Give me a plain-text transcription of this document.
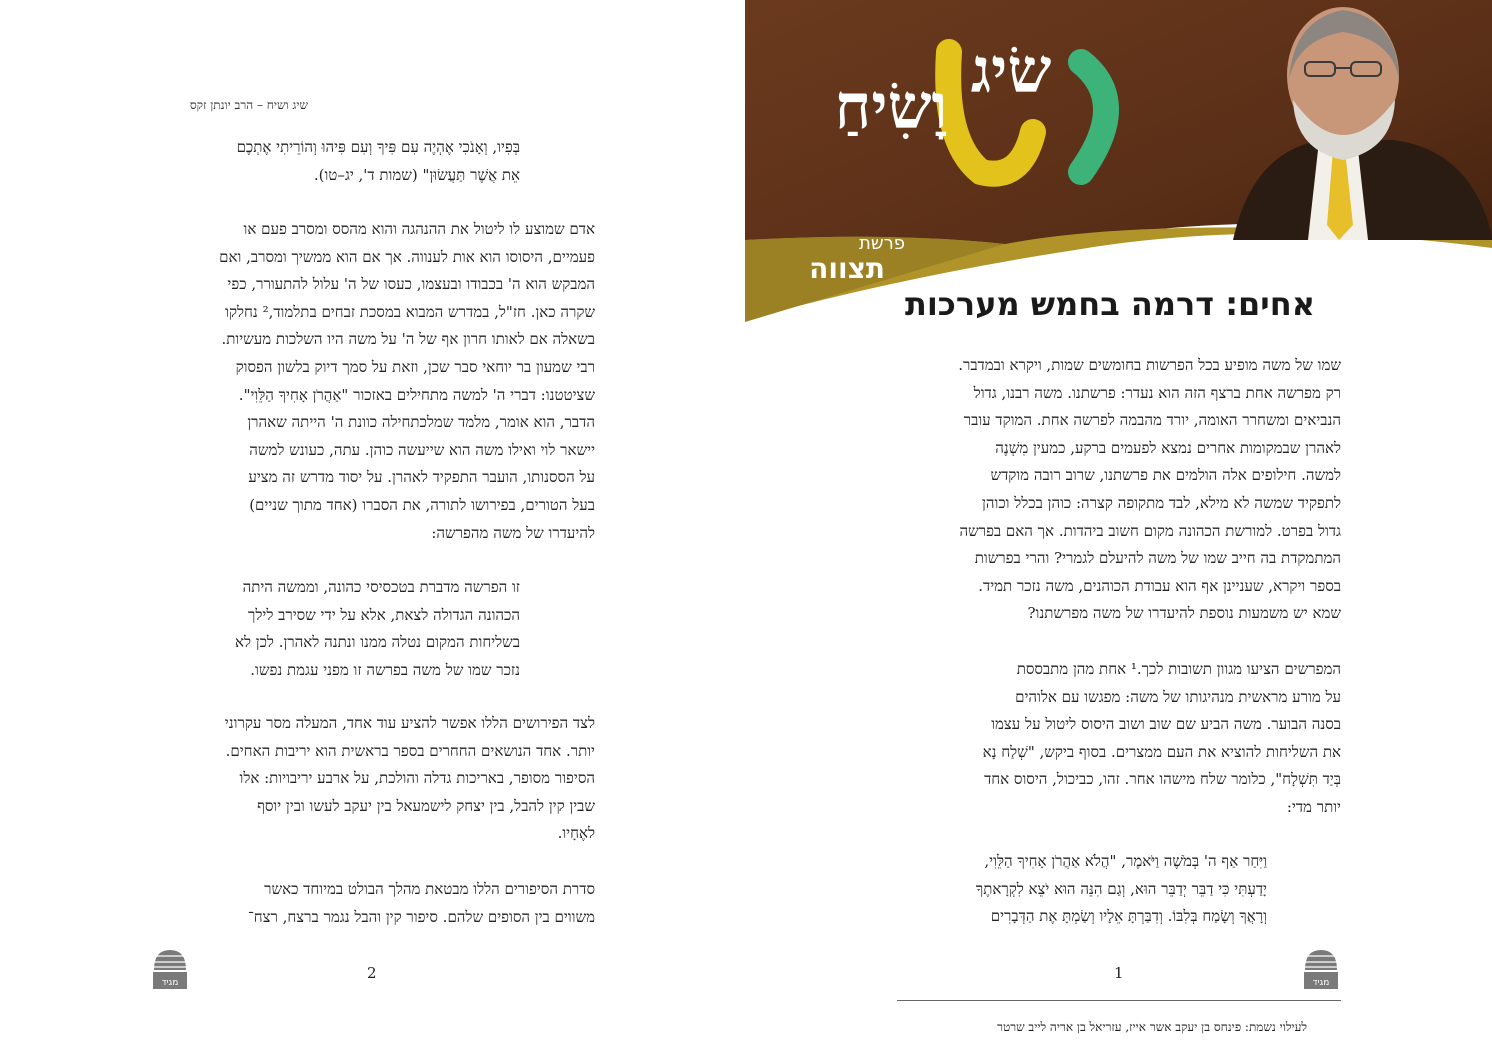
שיג ושיח – הרב יונתן זקס

בְּפִיו, וְאָנֹכִי אֶהְיֶה עִם פִּיךָ וְעִם פִּיהוּ וְהוֹרֵיתִי אֶתְכֶם

אֵת אֲשֶׁר תַּעֲשׂוּן" (שמות ד', יג–טו).

אדם שמוצע לו ליטול את ההנהגה והוא מהסס ומסרב פעם או

פעמיים, היסוסו הוא אות לענווה. אך אם הוא ממשיך ומסרב, ואם

המבקש הוא ה' בכבודו ובעצמו, כעסו של ה' עלול להתעורר, כפי

שקרה כאן. חז"ל, במדרש המבוא במסכת זבחים בתלמוד,² נחלקו

בשאלה אם לאותו חרון אף של ה' על משה היו השלכות מעשיות.

רבי שמעון בר יוחאי סבר שכן, וזאת על סמך דיוק בלשון הפסוק

שציטטנו: דברי ה' למשה מתחילים באזכור "אַהֲרֹן אָחִיךָ הַלֵּוִי".

הדבר, הוא אומר, מלמד שמלכתחילה כוונת ה' הייתה שאהרן

יישאר לוי ואילו משה הוא שייעשה כוהן. עתה, כעונש למשה

על הססנותו, הועבר התפקיד לאהרן. על יסוד מדרש זה מציע

בעל הטורים, בפירושו לתורה, את הסברו (אחד מתוך שניים)

להיעדרו של משה מהפרשה:

זו הפרשה מדברת בטכסיסי כהונה, וממשה היתה

הכהונה הגדולה לצאת, אלא על ידי שסירב לילך

בשליחות המקום נטלה ממנו ונתנה לאהרן. לכן לא

נזכר שמו של משה בפרשה זו מפני עגמת נפשו.

לצד הפירושים הללו אפשר להציע עוד אחד, המעלה מסר עקרוני

יותר. אחד הנושאים החחרים בספר בראשית הוא יריבות האחים.

הסיפור מסופר, באריכות גדלה והולכת, על ארבע יריבויות: אלו

שבין קין להבל, בין יצחק לישמעאל בין יעקב לעשו ובין יוסף

לאֶחָיו.

סדרת הסיפורים הללו מבטאת מהלך הבולט במיוחד כאשר

משווים בין הסופים שלהם. סיפור קין והבל נגמר ברצח, רצח־

מגיד
2
שׂיג
וָשִׂיחַ
פרשת
תצווה
אחים: דרמה בחמש מערכות

שמו של משה מופיע בכל הפרשות בחומשים שמות, ויקרא ובמדבר.

רק מפרשה אחת ברצף הזה הוא נעדר: פרשתנו. משה רבנו, גדול

הנביאים ומשחרר האומה, יורד מהבמה לפרשה אחת. המוקד עובר

לאהרן שבמקומות אחרים נמצא לפעמים ברקע, כמעין מִשְׁנֶה

למשה. חילופים אלה הולמים את פרשתנו, שרוב רובה מוקדש

לתפקיד שמשה לא מילא, לבד מתקופה קצרה: כוהן בכלל וכוהן

גדול בפרט. למורשת הכהונה מקום חשוב ביהדות. אך האם בפרשה

המתמקדת בה חייב שמו של משה להיעלם לגמרי? והרי בפרשות

בספר ויקרא, שעניינן אף הוא עבודת הכוהנים, משה נזכר תמיד.

שמא יש משמעות נוספת להיעדרו של משה מפרשתנו?

המפרשים הציעו מגוון תשובות לכך.¹ אחת מהן מתבססת

על מורע מראשית מנהיגותו של משה: מפגשו עם אלוהים

בסנה הבוער. משה הביע שם שוב ושוב היסוס ליטול על עצמו

את השליחות להוציא את העם ממצרים. בסוף ביקש, "שְׁלַח נָא

בְּיַד תִּשְׁלָח", כלומר שלח מישהו אחר. זהו, כביכול, היסוס אחד

יותר מדי:

וַיִּחַר אַף ה' בְּמֹשֶׁה וַיֹּאמֶר, "הֲלֹא אַהֲרֹן אָחִיךָ הַלֵּוִי,

יָדַעְתִּי כִּי דַבֵּר יְדַבֵּר הוּא, וְגַם הִנֵּה הוּא יֹצֵא לִקְרָאתֶךָ

וְרָאֲךָ וְשָׂמַח בְּלִבּוֹ. וְדִבַּרְתָּ אֵלָיו וְשַׂמְתָּ אֶת הַדְּבָרִים

1
מגיד
לעילוי נשמת: פינחס בן יעקב אשר אייז, עזריאל בן אריה לייב שרטר
